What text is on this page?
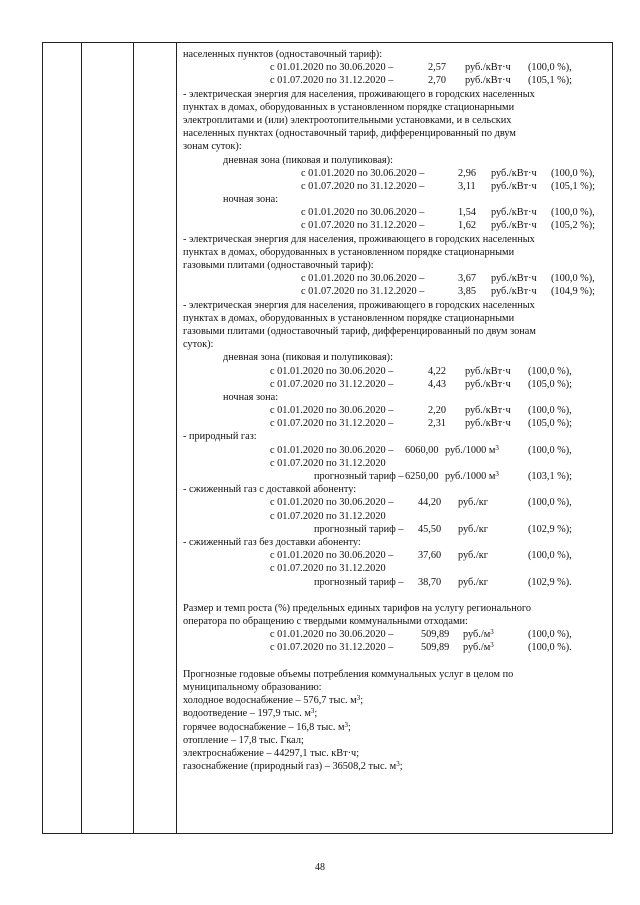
населенных пунктов (одноставочный тариф):
с 01.01.2020 по 30.06.2020 –	2,57 руб./кВт·ч (100,0 %),
с 01.07.2020 по 31.12.2020 –	2,70 руб./кВт·ч (105,1 %);
- электрическая энергия для населения, проживающего в городских населенных
пунктах в домах, оборудованных в установленном порядке стационарными
электроплитами и (или) электроотопительными установками, и в сельских
населенных пунктах (одноставочный тариф, дифференцированный по двум
зонам суток):
дневная зона (пиковая и полупиковая):
с 01.01.2020 по 30.06.2020 –	2,96 руб./кВт·ч (100,0 %),
с 01.07.2020 по 31.12.2020 –	3,11 руб./кВт·ч (105,1 %);
ночная зона:
с 01.01.2020 по 30.06.2020 –	1,54 руб./кВт·ч (100,0 %),
с 01.07.2020 по 31.12.2020 –	1,62 руб./кВт·ч (105,2 %);
- электрическая энергия для населения, проживающего в городских населенных
пунктах в домах, оборудованных в установленном порядке стационарными
газовыми плитами (одноставочный тариф):
с 01.01.2020 по 30.06.2020 –	3,67 руб./кВт·ч (100,0 %),
с 01.07.2020 по 31.12.2020 –	3,85 руб./кВт·ч (104,9 %);
- электрическая энергия для населения, проживающего в городских населенных
пунктах в домах, оборудованных в установленном порядке стационарными
газовыми плитами (одноставочный тариф, дифференцированный по двум зонам
суток):
дневная зона (пиковая и полупиковая):
с 01.01.2020 по 30.06.2020 –	4,22 руб./кВт·ч (100,0 %),
с 01.07.2020 по 31.12.2020 –	4,43 руб./кВт·ч (105,0 %);
ночная зона:
с 01.01.2020 по 30.06.2020 –	2,20 руб./кВт·ч (100,0 %),
с 01.07.2020 по 31.12.2020 –	2,31 руб./кВт·ч (105,0 %);
- природный газ:
с 01.01.2020 по 30.06.2020 – 6060,00 руб./1000 $м^3$	(100,0 %),
с 01.07.2020 по 31.12.2020
прогнозный тариф – 6250,00 руб./1000 $м^3$	(103,1 %);
- сжиженный газ с доставкой абоненту:
с 01.01.2020 по 30.06.2020 – 44,20 руб./кг	(100,0 %),
с 01.07.2020 по 31.12.2020
прогнозный тариф – 45,50 руб./кг	(102,9 %);
- сжиженный газ без доставки абоненту:
с 01.01.2020 по 30.06.2020 – 37,60 руб./кг	(100,0 %),
с 01.07.2020 по 31.12.2020
прогнозный тариф – 38,70 руб./кг	(102,9 %).
Размер и темп роста (%) предельных единых тарифов на услугу регионального
оператора по обращению с твердыми коммунальными отходами:
с 01.01.2020 по 30.06.2020 –	509,89 $руб./м^3$	(100,0 %),
с 01.07.2020 по 31.12.2020 –	509,89 $руб./м^3$	(100,0 %).
Прогнозные годовые объемы потребления коммунальных услуг в целом по
муниципальному образованию:
холодное водоснабжение – 576,7 тыс. $м^3$;
водоотведение – 197,9 тыс. $м^3$;
горячее водоснабжение – 16,8 тыс. $м^3$;
отопление – 17,8 тыс. Гкал;
электроснабжение – 44297,1 тыс. кВт·ч;
газоснабжение (природный газ) – 36508,2 тыс. $м^3$;
48
